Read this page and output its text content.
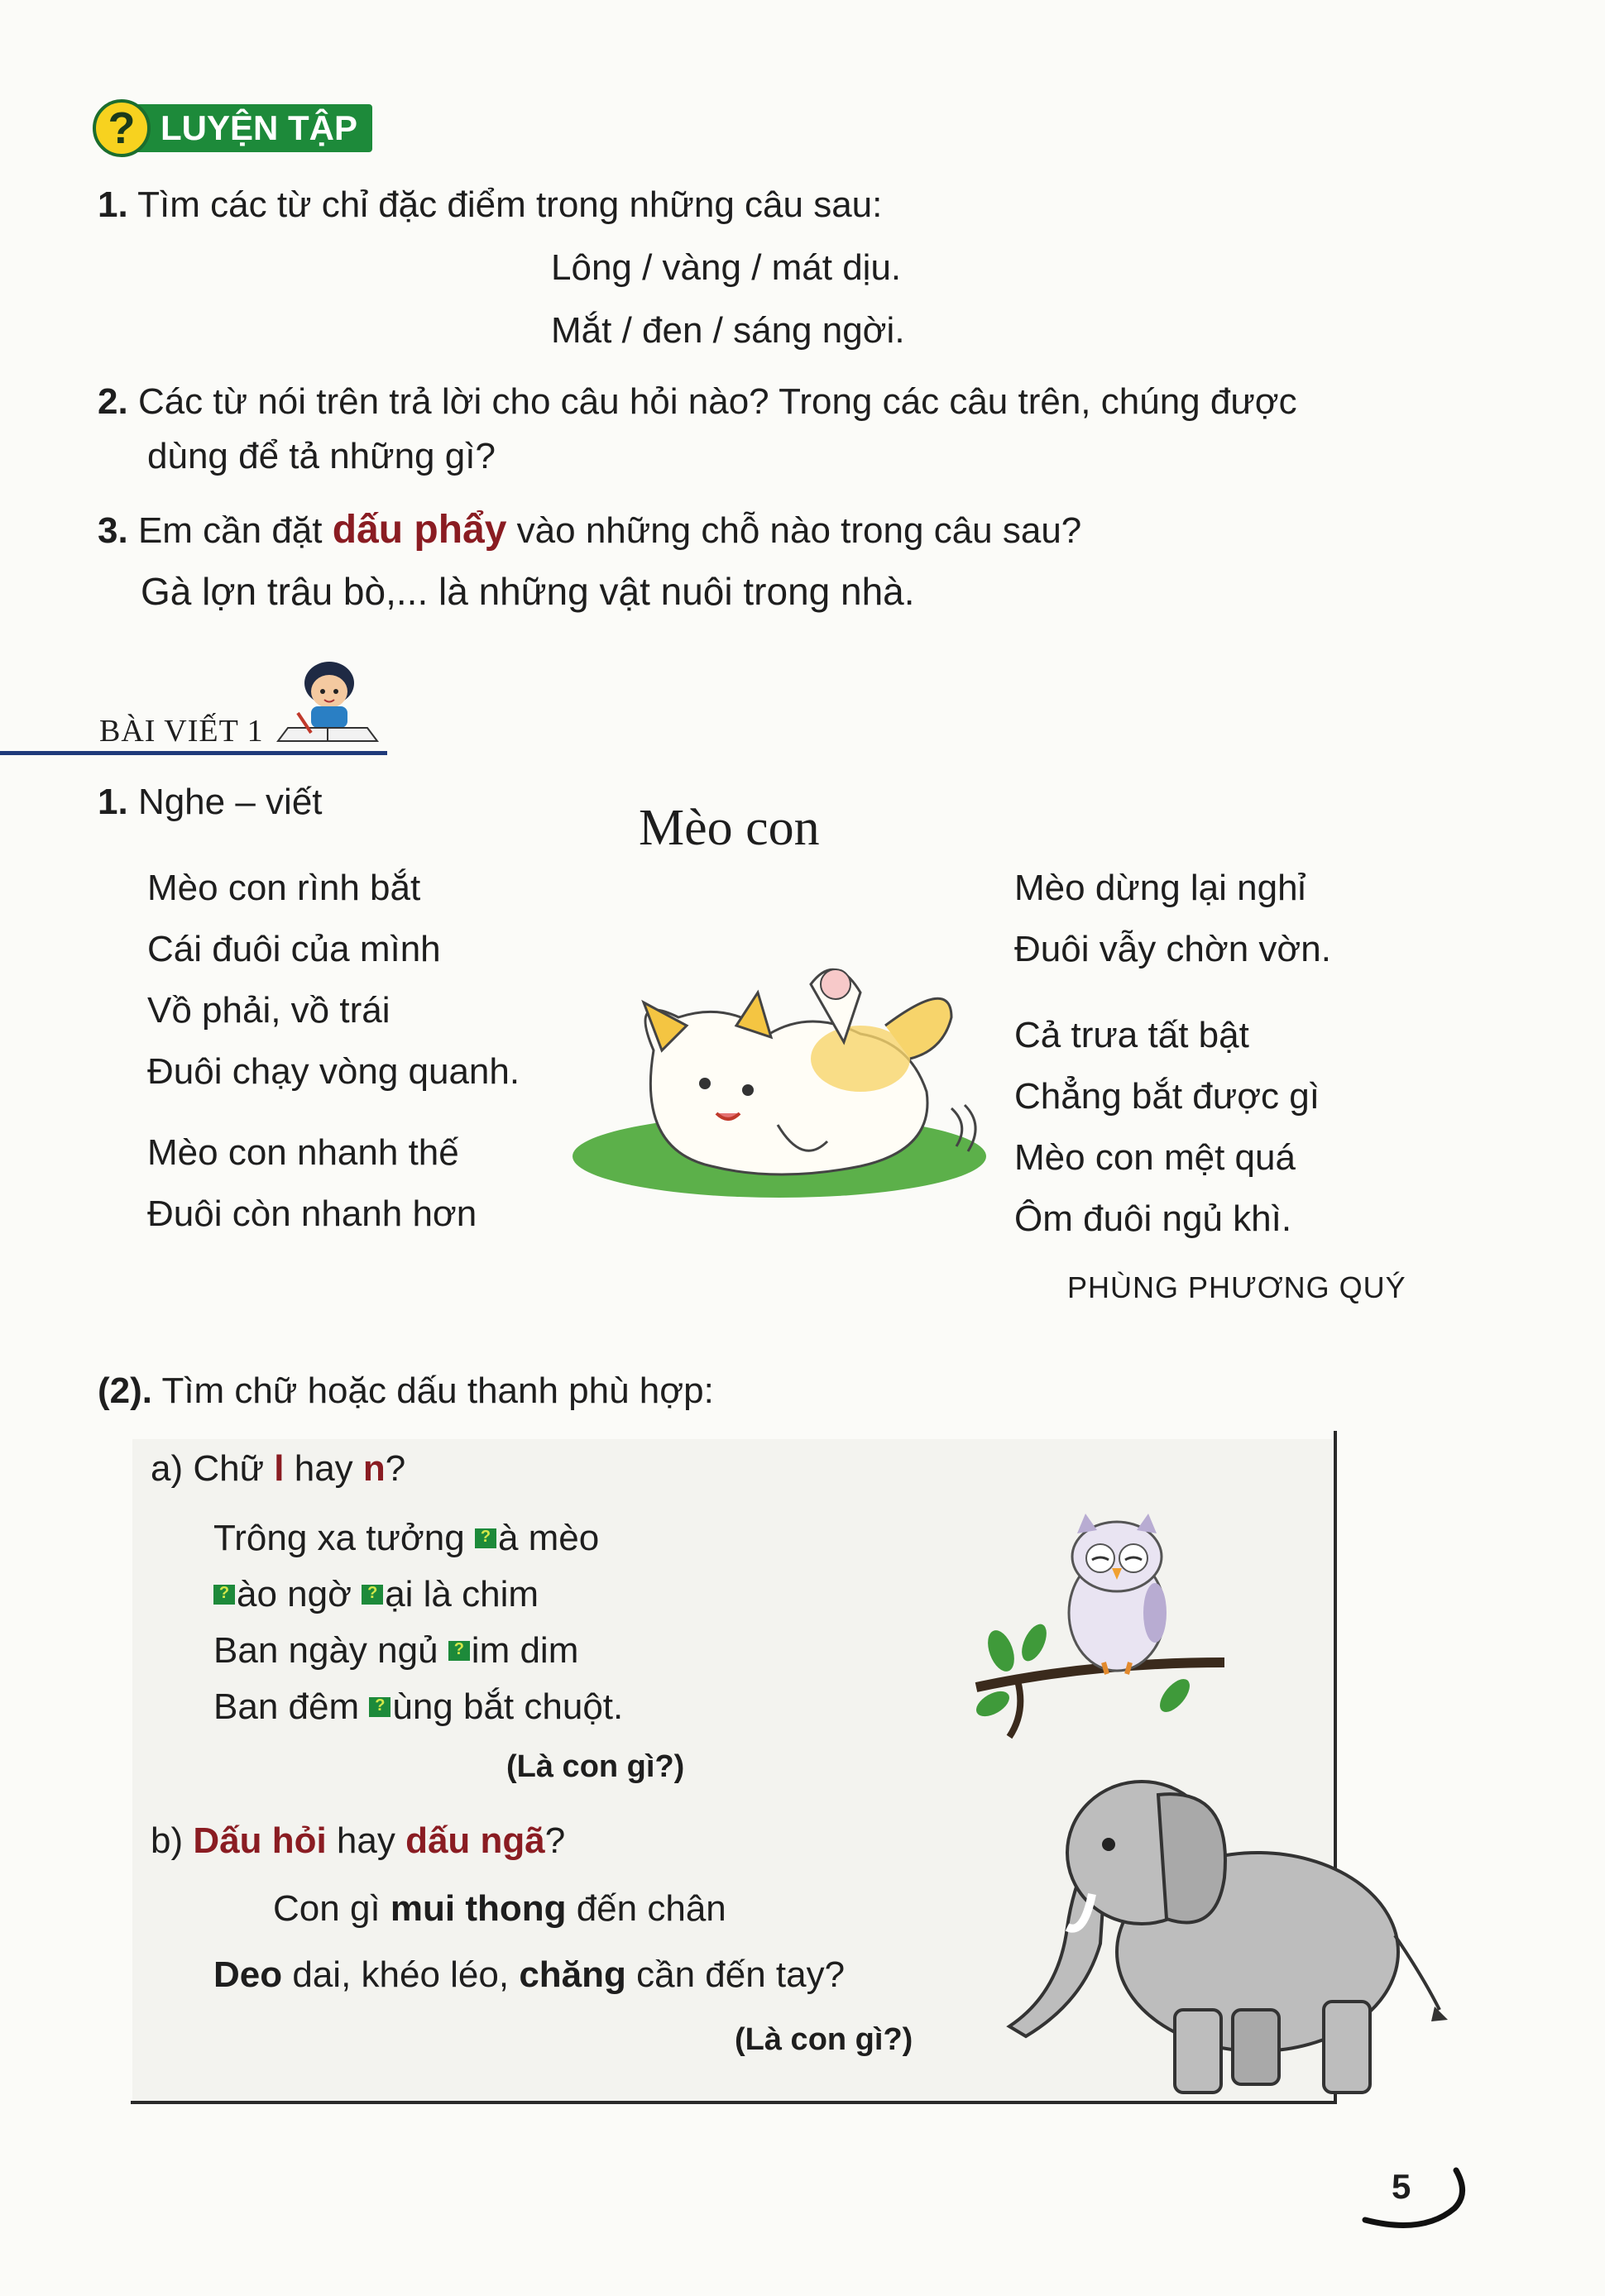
LUYỆN TẬP
?
1. Tìm các từ chỉ đặc điểm trong những câu sau:
Lông / vàng / mát dịu.
Mắt / đen / sáng ngời.
2. Các từ nói trên trả lời cho câu hỏi nào? Trong các câu trên, chúng được
dùng để tả những gì?
3. Em cần đặt dấu phẩy vào những chỗ nào trong câu sau?
Gà lợn trâu bò,... là những vật nuôi trong nhà.
BÀI VIẾT 1
1. Nghe – viết	Mèo con
Mèo con rình bắt
Cái đuôi của mình
Vồ phải, vồ trái
Đuôi chạy vòng quanh.
Mèo con nhanh thế
Đuôi còn nhanh hơn
Mèo dừng lại nghỉ
Đuôi vẫy chờn vờn.
Cả trưa tất bật
Chẳng bắt được gì
Mèo con mệt quá
Ôm đuôi ngủ khì.
PHÙNG PHƯƠNG QUÝ
(2). Tìm chữ hoặc dấu thanh phù hợp:
a) Chữ l hay n?
Trông xa tưởng ?à mèo
?ào ngờ ?ại là chim
Ban ngày ngủ ?im dim
Ban đêm ?ùng bắt chuột.
(Là con gì?)
b) Dấu hỏi hay dấu ngã?
Con gì mui thong đến chân
Deo dai, khéo léo, chăng cần đến tay?
(Là con gì?)
5
